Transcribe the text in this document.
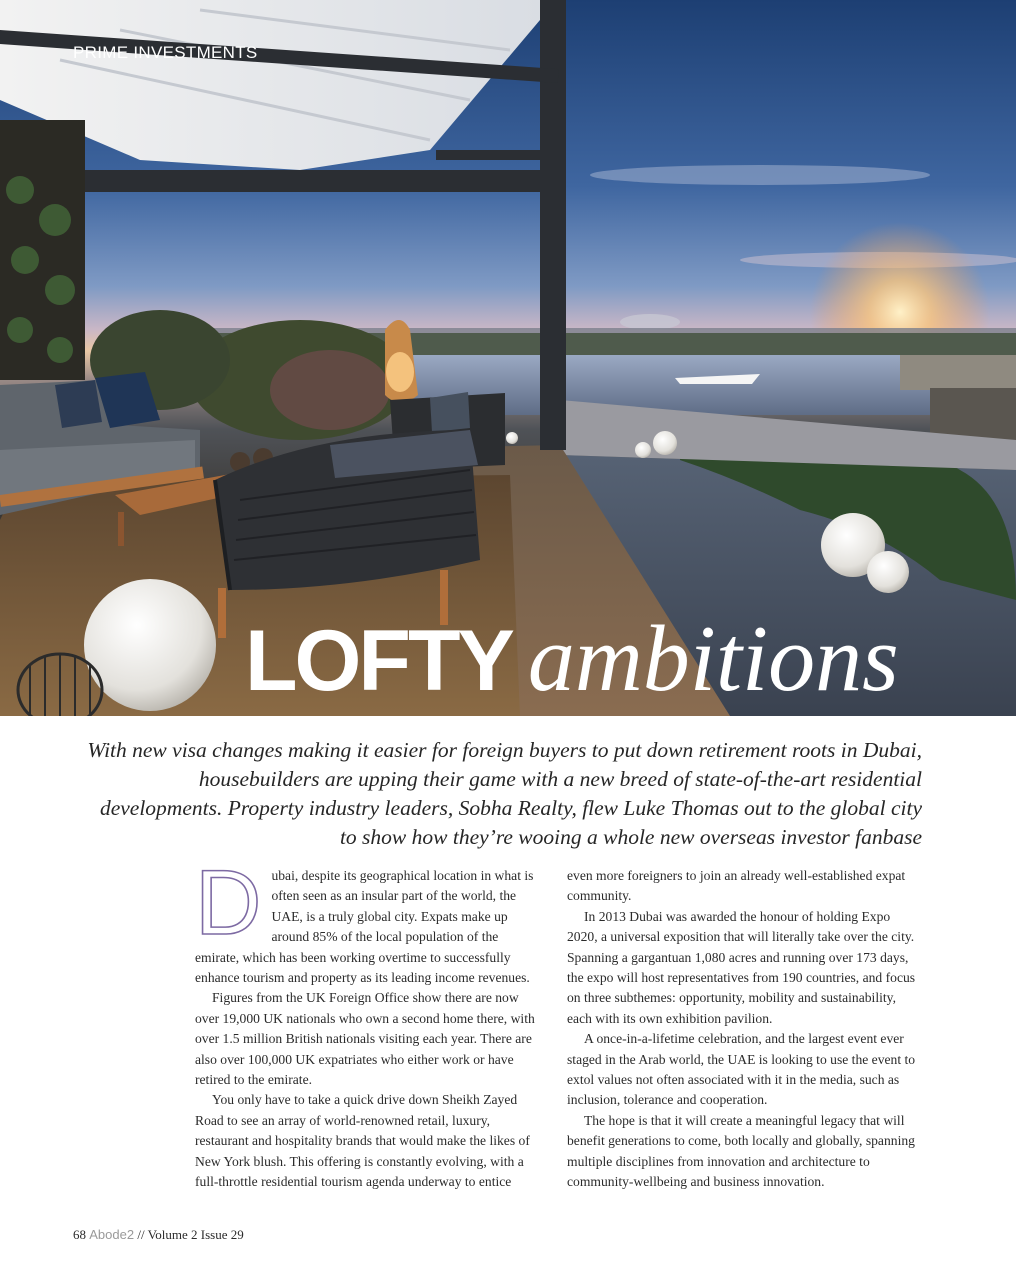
PRIME INVESTMENTS
LOFTY ambitions
With new visa changes making it easier for foreign buyers to put down retirement roots in Dubai, housebuilders are upping their game with a new breed of state-of-the-art residential developments. Property industry leaders, Sobha Realty, flew Luke Thomas out to the global city to show how they’re wooing a whole new overseas investor fanbase

Dubai, despite its geographical location in what is often seen as an insular part of the world, the UAE, is a truly global city. Expats make up around 85% of the local population of the emirate, which has been working overtime to successfully enhance tourism and property as its leading income revenues.

Figures from the UK Foreign Office show there are now over 19,000 UK nationals who own a second home there, with over 1.5 million British nationals visiting each year. There are also over 100,000 UK expatriates who either work or have retired to the emirate.

You only have to take a quick drive down Sheikh Zayed Road to see an array of world-renowned retail, luxury, restaurant and hospitality brands that would make the likes of New York blush. This offering is constantly evolving, with a full-throttle residential tourism agenda underway to entice

even more foreigners to join an already well-established expat community.

In 2013 Dubai was awarded the honour of holding Expo 2020, a universal exposition that will literally take over the city. Spanning a gargantuan 1,080 acres and running over 173 days, the expo will host representatives from 190 countries, and focus on three subthemes: opportunity, mobility and sustainability, each with its own exhibition pavilion.

A once-in-a-lifetime celebration, and the largest event ever staged in the Arab world, the UAE is looking to use the event to extol values not often associated with it in the media, such as inclusion, tolerance and cooperation.

The hope is that it will create a meaningful legacy that will benefit generations to come, both locally and globally, spanning multiple disciplines from innovation and architecture to community-wellbeing and business innovation.

68 Abode2 // Volume 2 Issue 29
